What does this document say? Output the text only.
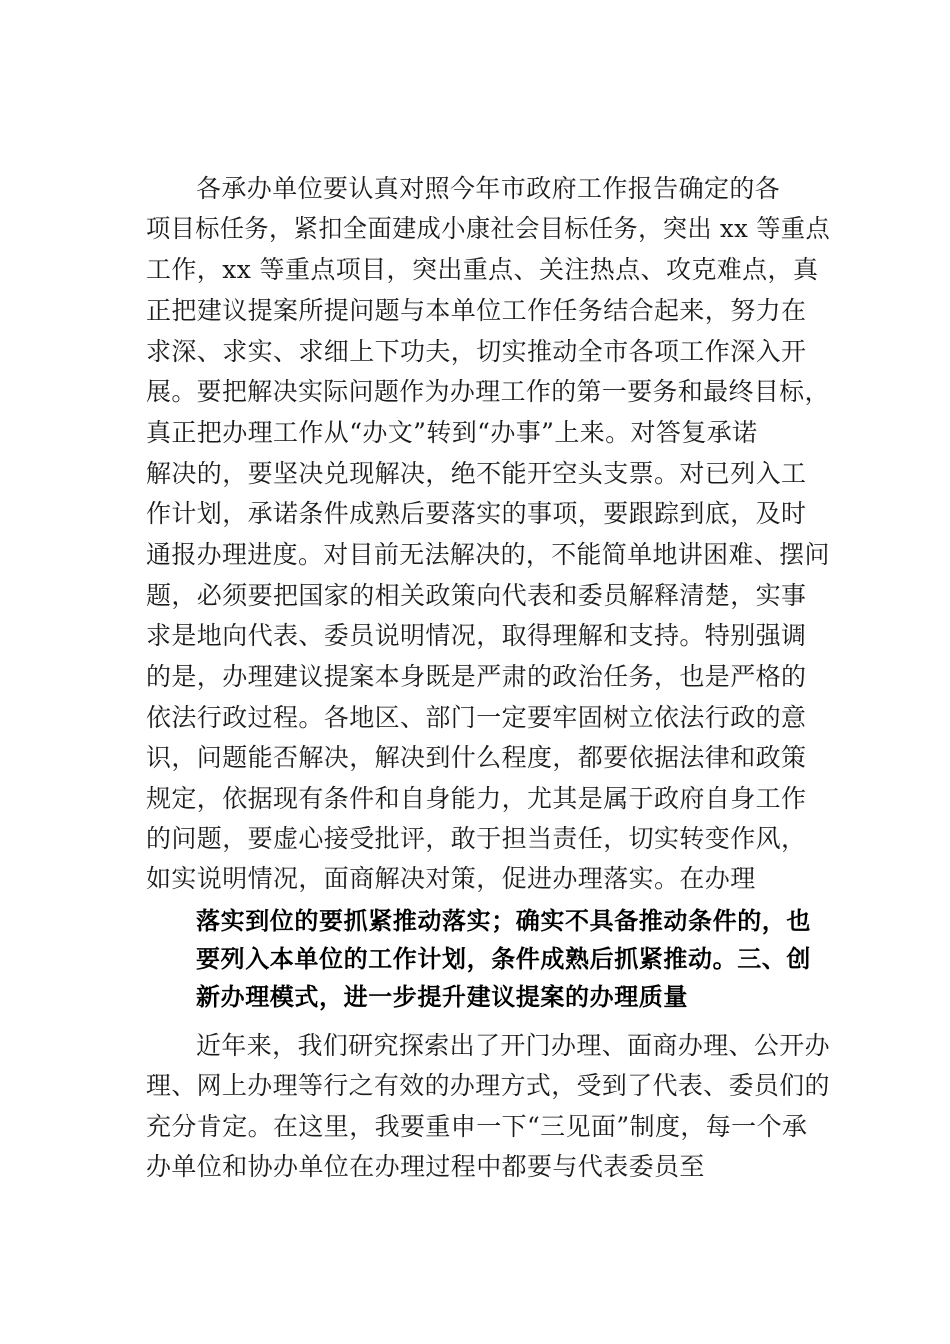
各承办单位要认真对照今年市政府工作报告确定的各
项目标任务，紧扣全面建成小康社会目标任务，突出 xx 等重点
工作，xx 等重点项目，突出重点、关注热点、攻克难点，真
正把建议提案所提问题与本单位工作任务结合起来，努力在
求深、求实、求细上下功夫，切实推动全市各项工作深入开
展。要把解决实际问题作为办理工作的第一要务和最终目标，
真正把办理工作从“办文”转到“办事”上来。对答复承诺
解决的，要坚决兑现解决，绝不能开空头支票。对已列入工
作计划，承诺条件成熟后要落实的事项，要跟踪到底，及时
通报办理进度。对目前无法解决的，不能简单地讲困难、摆问
题，必须要把国家的相关政策向代表和委员解释清楚，实事
求是地向代表、委员说明情况，取得理解和支持。特别强调
的是，办理建议提案本身既是严肃的政治任务，也是严格的
依法行政过程。各地区、部门一定要牢固树立依法行政的意
识，问题能否解决，解决到什么程度，都要依据法律和政策
规定，依据现有条件和自身能力，尤其是属于政府自身工作
的问题，要虚心接受批评，敢于担当责任，切实转变作风，
如实说明情况，面商解决对策，促进办理落实。在办理
落实到位的要抓紧推动落实；确实不具备推动条件的，也
要列入本单位的工作计划，条件成熟后抓紧推动。三、创
新办理模式，进一步提升建议提案的办理质量
近年来，我们研究探索出了开门办理、面商办理、公开办
理、网上办理等行之有效的办理方式，受到了代表、委员们的
充分肯定。在这里，我要重申一下“三见面”制度，每一个承
办单位和协办单位在办理过程中都要与代表委员至
